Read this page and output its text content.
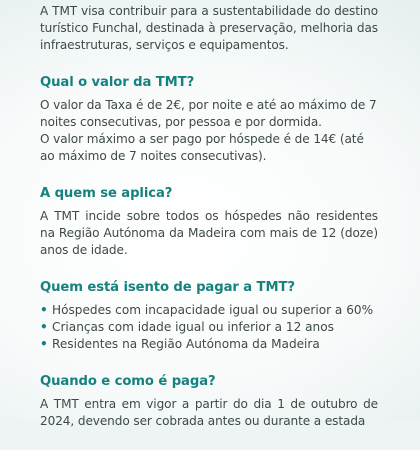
A TMT visa contribuir para a sustentabilidade do destino turístico Funchal, destinada à preservação, melhoria das infraestruturas, serviços e equipamentos.

Qual o valor da TMT?

O valor da Taxa é de 2€, por noite e até ao máximo de 7 noites consecutivas, por pessoa e por dormida.

O valor máximo a ser pago por hóspede é de 14€ (até ao máximo de 7 noites consecutivas).

A quem se aplica?

A TMT incide sobre todos os hóspedes não residentes na Região Autónoma da Madeira com mais de 12 (doze) anos de idade.

Quem está isento de pagar a TMT?
• Hóspedes com incapacidade igual ou superior a 60%
• Crianças com idade igual ou inferior a 12 anos
• Residentes na Região Autónoma da Madeira
Quando e como é paga?

A TMT entra em vigor a partir do dia 1 de outubro de 2024, devendo ser cobrada antes ou durante a estada
